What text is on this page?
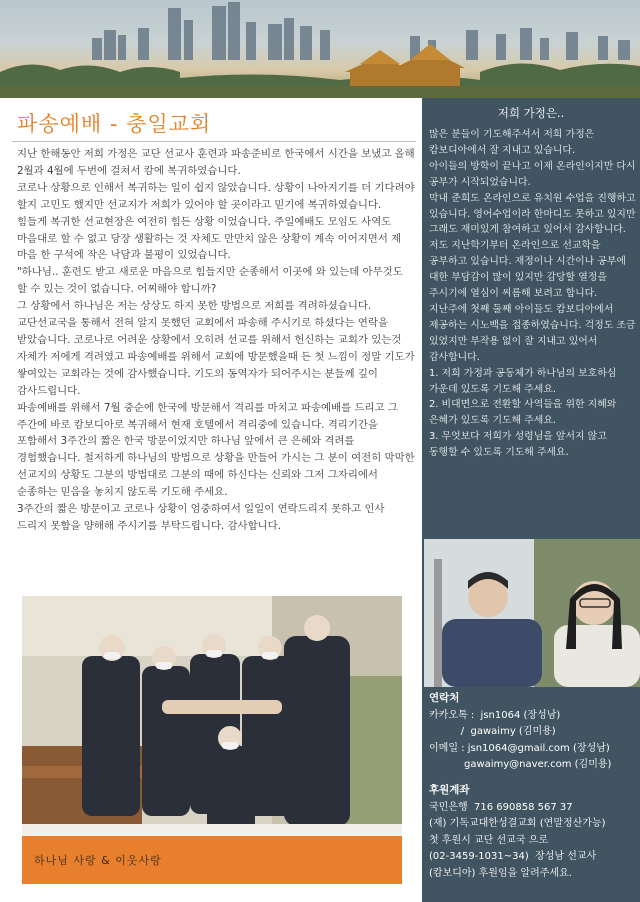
파송예배 - 충일교회
지난 한해동안 저희 가정은 교단 선교사 훈련과 파송준비로 한국에서 시간을 보냈고 올해 2월과 4월에 두번에 걸쳐서 캄에 복귀하였습니다.
코로나 상황으로 인해서 복귀하는 일이 쉽지 않았습니다. 상황이 나아지기를 더 기다려야 할지 고민도 했지만 선교지가 저희가 있어야 할 곳이라고 믿기에 복귀하였습니다.
힘들게 복귀한 선교현장은 여전히 힘든 상황 이었습니다. 주일예배도 모임도 사역도 마음대로 할 수 없고 당장 생활하는 것 자체도 만만치 않은 상황이 계속 이어지면서 제 마음 한 구석에 작은 낙담과 불평이 있었습니다.
"하나님.. 훈련도 받고 새로운 마음으로 힘들지만 순종해서 이곳에 와 있는데 아무것도 할 수 있는 것이 없습니다. 어찌해야 합니까?
그 상황에서 하나님은 저는 상상도 하지 못한 방법으로 저희를 격려하셨습니다. 교단선교국을 통해서 전혀 알지 못했던 교회에서 파송해 주시기로 하셨다는 연락을 받았습니다. 코로나로 어려운 상황에서 오히려 선교를 위해서 헌신하는 교회가 있는것 자체가 저에게 격려였고 파송예배를 위해서 교회에 방문했을때 든 첫 느낌이 정말 기도가 쌓여있는 교회라는 것에 감사했습니다. 기도의 동역자가 되어주시는 분들께 깊이 감사드립니다.
파송예배를 위해서 7월 중순에 한국에 방문해서 격리를 마치고 파송예배를 드리고 그 주간에 바로 캄보디아로 복귀해서 현재 호텔에서 격리중에 있습니다. 격리기간을 포함해서 3주간의 짧은 한국 방문이었지만 하나님 앞에서 큰 은혜와 격려를 경험했습니다. 철저하게 하나님의 방법으로 상황을 만들어 가시는 그 분이 여전히 막막한 선교지의 상황도 그분의 방법대로 그분의 때에 하신다는 신뢰와 그저 그자리에서 순종하는 믿음을 놓치지 않도록 기도해 주세요.
3주간의 짧은 방문이고 코로나 상황이 엄중하여서 일일이 연락드리지 못하고 인사 드리지 못함을 양해해 주시기를 부탁드립니다. 감사합니다.
하나님 사랑 & 이웃사랑
저희 가정은..
많은 분들이 기도해주셔서 저희 가정은 캄보디아에서 잘 지내고 있습니다.
아이들의 방학이 끝나고 이제 온라인이지만 다시 공부가 시작되었습니다.
막내 준희도 온라인으로 유치원 수업을 진행하고 있습니다. 영어수업이라 한마디도 못하고 있지만 그래도 재미있게 참여하고 있어서 감사합니다.
저도 지난학기부터 온라인으로 선교학을 공부하고 있습니다. 재정이나 시간이나 공부에 대한 부담감이 많이 있지만 감당할 열정을 주시기에 열심이 씨름해 보려고 합니다.
지난주에 첫째 둘째 아이들도 캄보디아에서 제공하는 시노백을 접종하였습니다. 걱정도 조금 있었지만 부작용 없이 잘 지내고 있어서 감사합니다.
1. 저희 가정과 공동체가 하나님의 보호하심 가운데 있도록 기도해 주세요.
2. 비대면으로 전환할 사역들을 위한 지혜와 은혜가 있도록 기도해 주세요.
3. 무엇보다 저희가 성령님을 앞서지 않고 동행할 수 있도록 기도해 주세요.
연락처
카카오톡 :  jsn1064 (장성남)
/  gawaimy (김미용)
이메일 : jsn1064@gmail.com (장성남)
gawaimy@naver.com (김미용)
후원계좌
국민은행  716 690858 567 37
(재) 기독교대한성결교회 (연말정산가능)
첫 후원시 교단 선교국 으로
(02-3459-1031~34)  장성남 선교사
(캄보디아) 후원임을 알려주세요.
